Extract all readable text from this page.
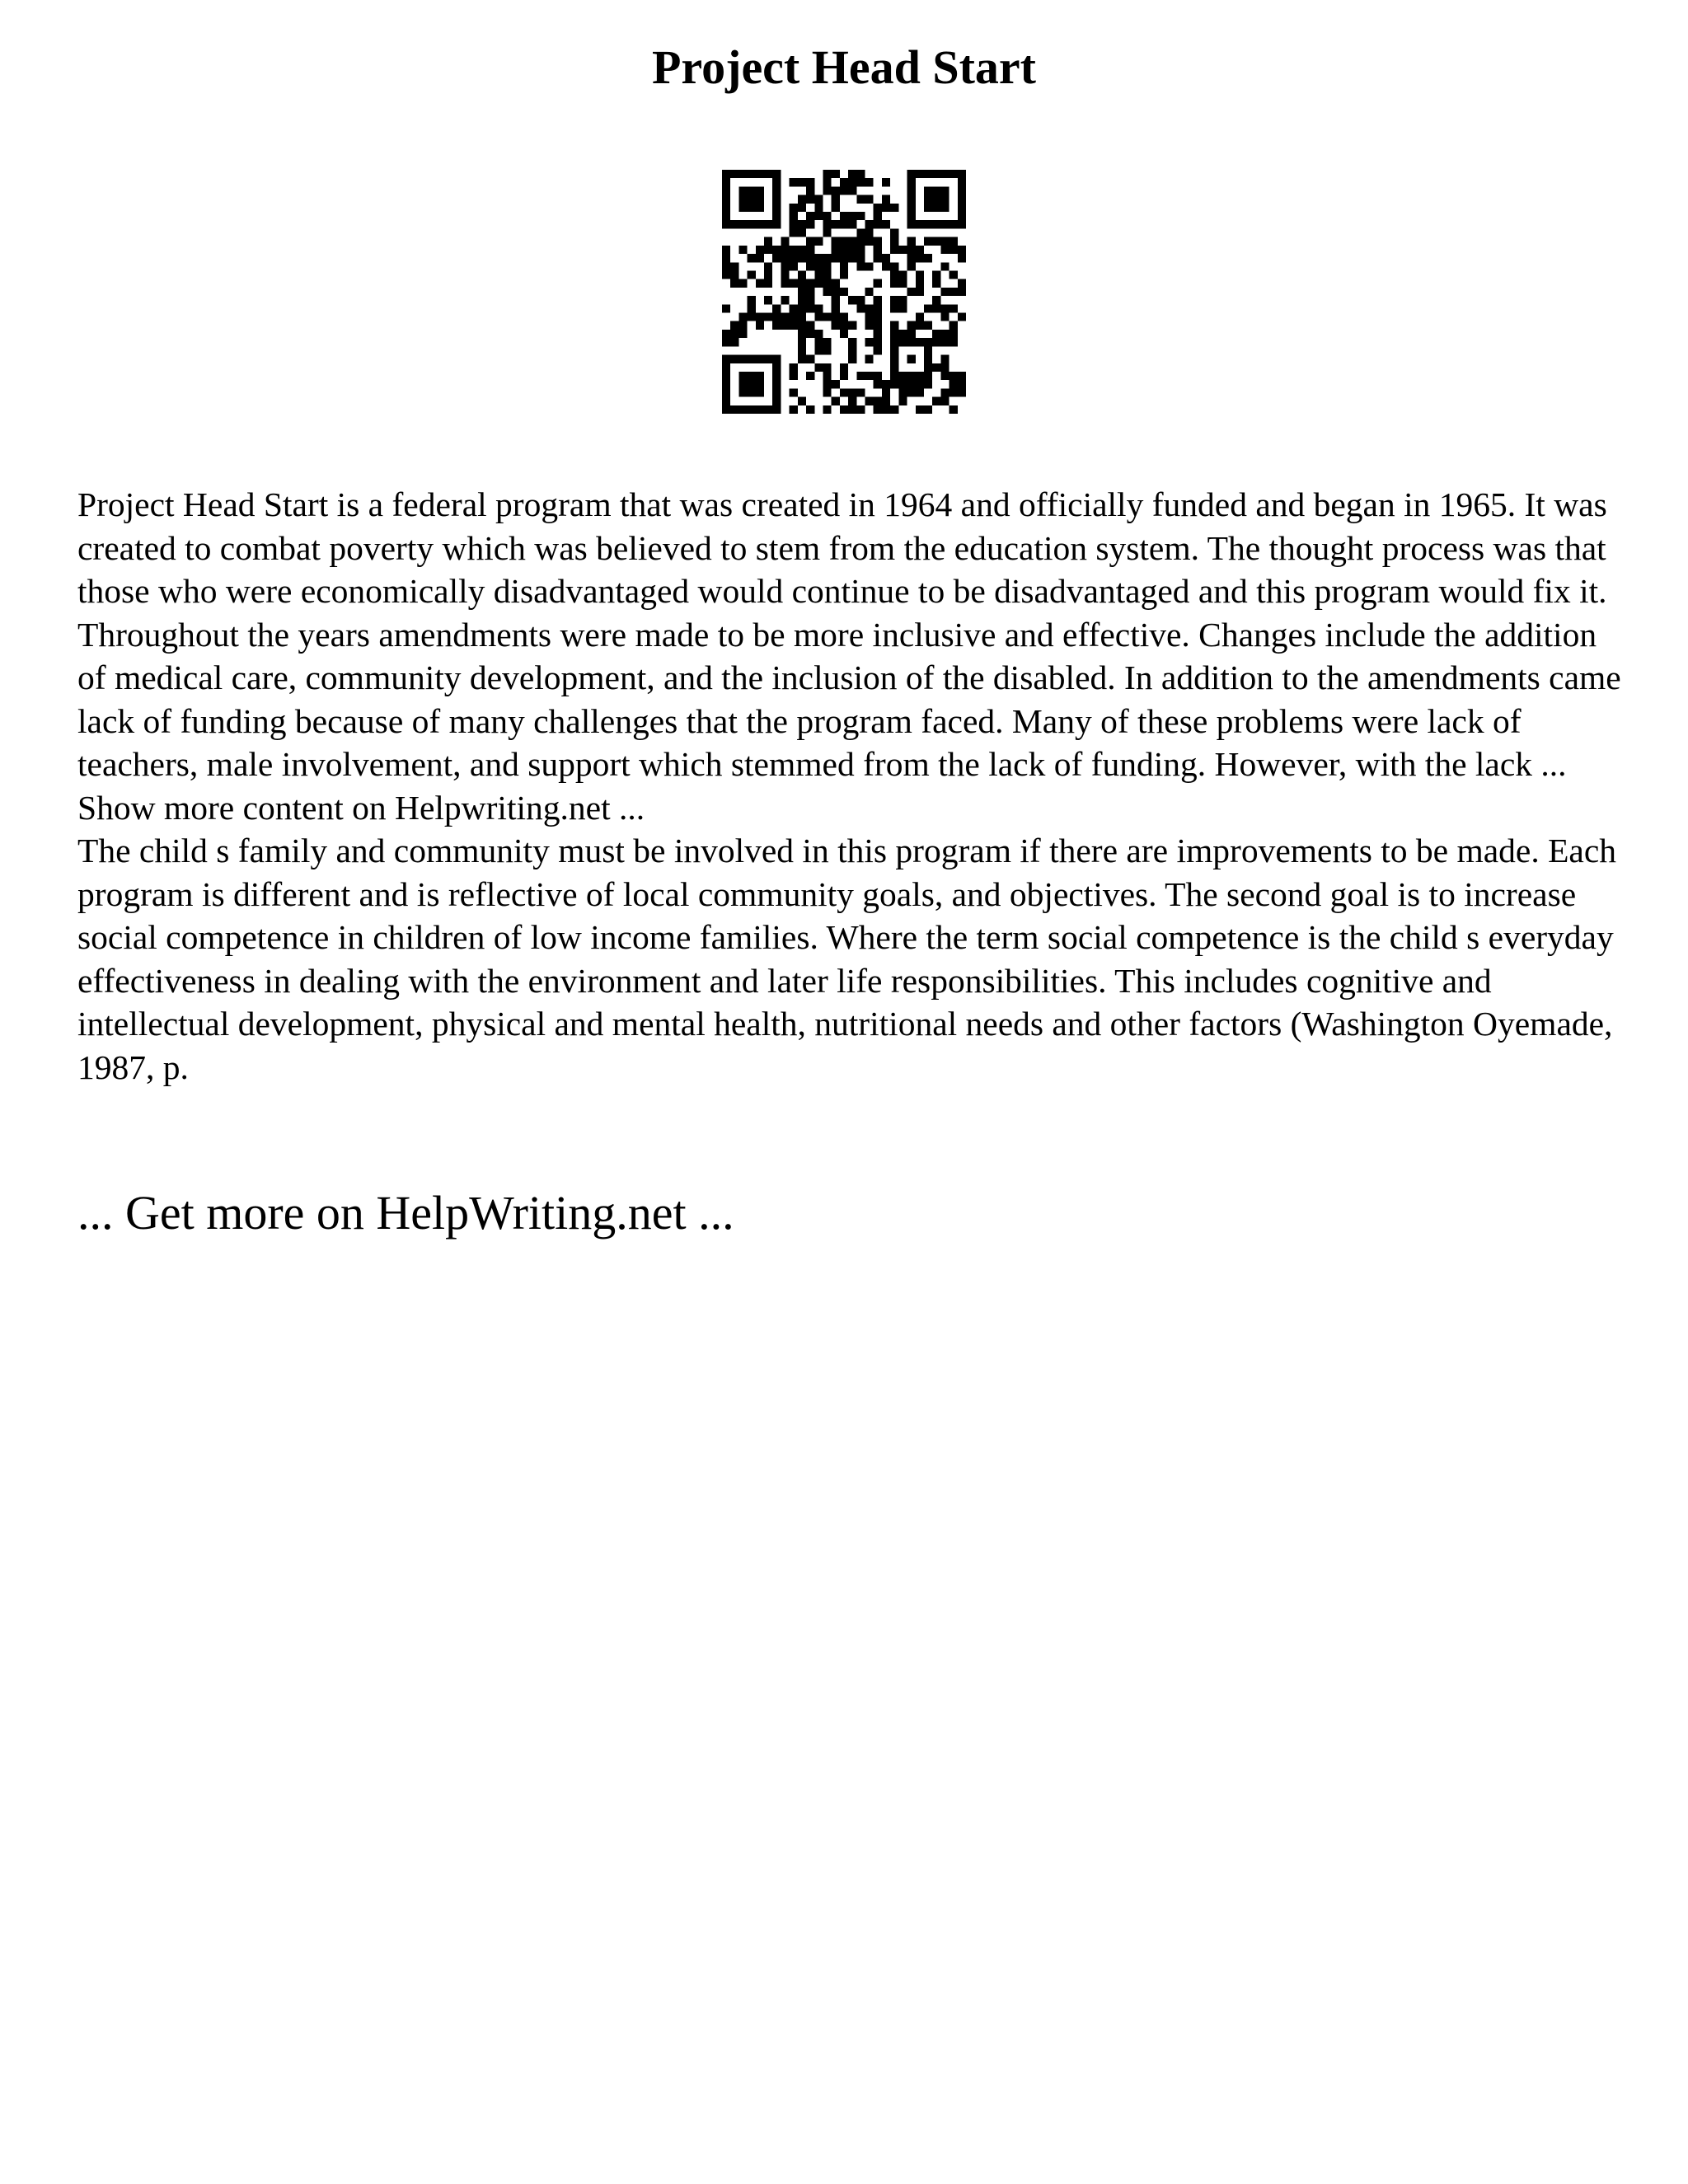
Project Head Start

Project Head Start is a federal program that was created in 1964 and officially funded and began in 1965. It was created to combat poverty which was believed to stem from the education system. The thought process was that those who were economically disadvantaged would continue to be disadvantaged and this program would fix it. Throughout the years amendments were made to be more inclusive and effective. Changes include the addition of medical care, community development, and the inclusion of the disabled. In addition to the amendments came lack of funding because of many challenges that the program faced. Many of these problems were lack of teachers, male involvement, and support which stemmed from the lack of funding. However, with the lack ... Show more content on Helpwriting.net ...

The child s family and community must be involved in this program if there are improvements to be made. Each program is different and is reflective of local community goals, and objectives. The second goal is to increase social competence in children of low income families. Where the term social competence is the child s everyday effectiveness in dealing with the environment and later life responsibilities. This includes cognitive and intellectual development, physical and mental health, nutritional needs and other factors (Washington Oyemade, 1987, p.

... Get more on HelpWriting.net ...
